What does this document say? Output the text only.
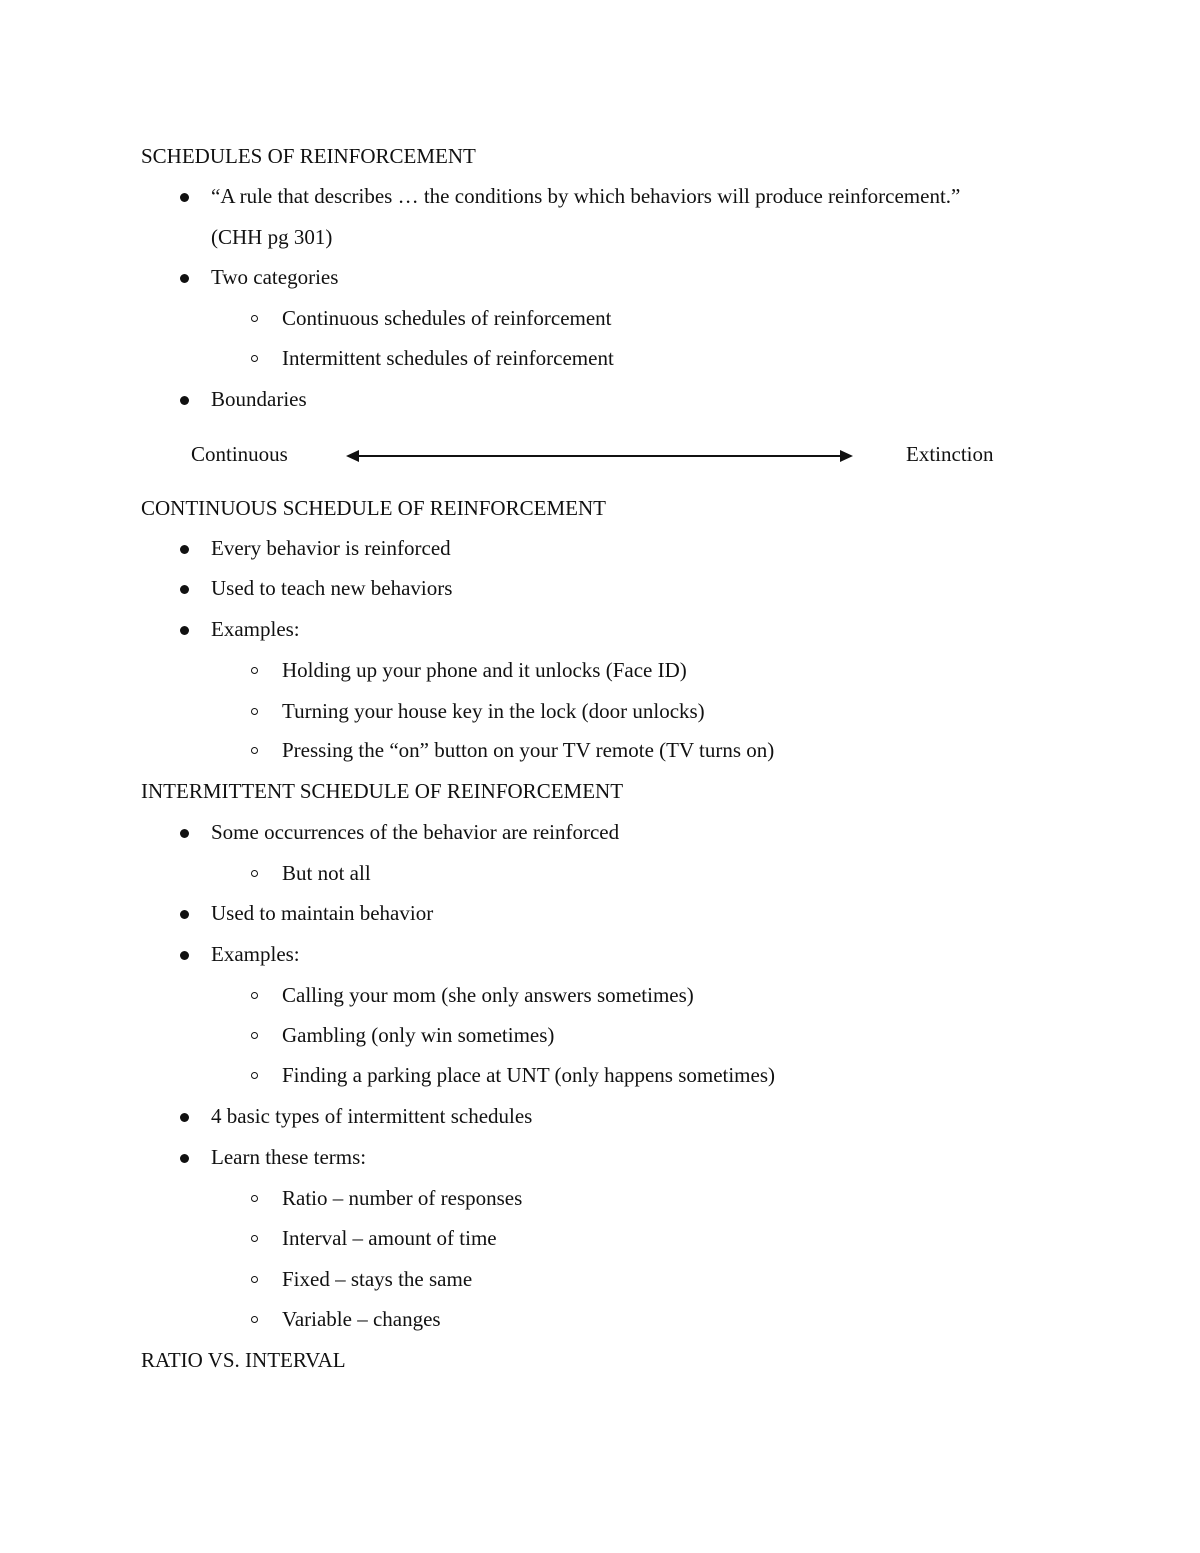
SCHEDULES OF REINFORCEMENT
“A rule that describes … the conditions by which behaviors will produce reinforcement.”
(CHH pg 301)
Two categories
Continuous schedules of reinforcement
Intermittent schedules of reinforcement
Boundaries
Continuous	Extinction
CONTINUOUS SCHEDULE OF REINFORCEMENT
Every behavior is reinforced
Used to teach new behaviors
Examples:
Holding up your phone and it unlocks (Face ID)
Turning your house key in the lock (door unlocks)
Pressing the “on” button on your TV remote (TV turns on)
INTERMITTENT SCHEDULE OF REINFORCEMENT
Some occurrences of the behavior are reinforced
But not all
Used to maintain behavior
Examples:
Calling your mom (she only answers sometimes)
Gambling (only win sometimes)
Finding a parking place at UNT (only happens sometimes)
4 basic types of intermittent schedules
Learn these terms:
Ratio – number of responses
Interval – amount of time
Fixed – stays the same
Variable – changes
RATIO VS. INTERVAL
